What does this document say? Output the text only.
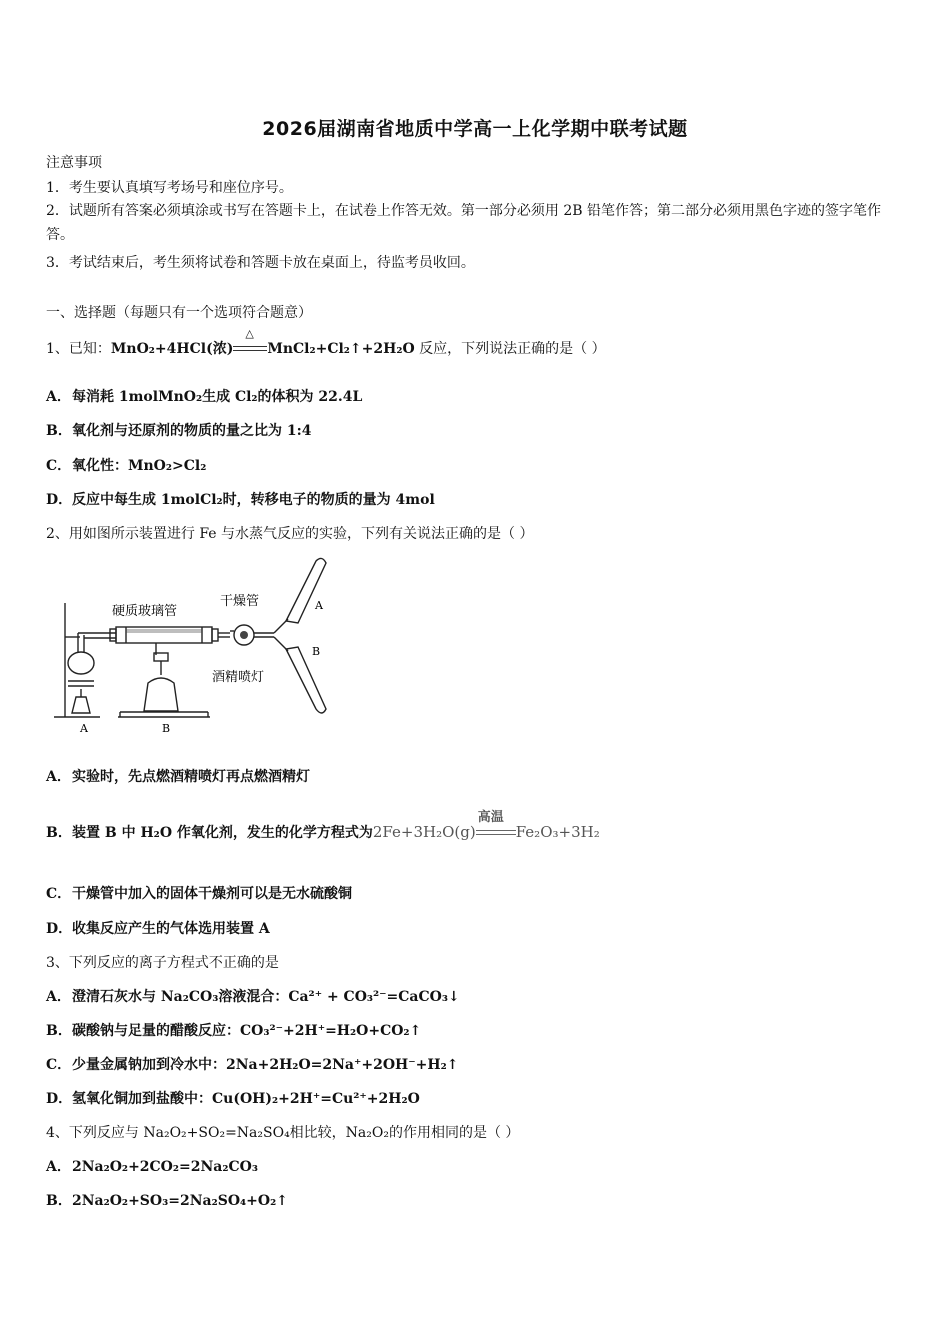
2026届湖南省地质中学高一上化学期中联考试题
注意事项
1．考生要认真填写考场号和座位序号。
2．试题所有答案必须填涂或书写在答题卡上，在试卷上作答无效。第一部分必须用 2B 铅笔作答；第二部分必须用黑色字迹的签字笔作答。
3．考试结束后，考生须将试卷和答题卡放在桌面上，待监考员收回。
一、选择题（每题只有一个选项符合题意）
1、已知：MnO₂+4HCl(浓)
△
MnCl₂+Cl₂↑+2H₂O 反应，下列说法正确的是（ ）
A．每消耗 1molMnO₂生成 Cl₂的体积为 22.4L
B．氧化剂与还原剂的物质的量之比为 1:4
C．氧化性：MnO₂>Cl₂
D．反应中每生成 1molCl₂时，转移电子的物质的量为 4mol
2、用如图所示装置进行 Fe 与水蒸气反应的实验，下列有关说法正确的是（ ）
硬质玻璃管
干燥管
酒精喷灯
A	B
A
B
A．实验时，先点燃酒精喷灯再点燃酒精灯
B．装置 B 中 H₂O 作氧化剂，发生的化学方程式为2Fe+3H₂O(g)
高温
Fe₂O₃+3H₂
C．干燥管中加入的固体干燥剂可以是无水硫酸铜
D．收集反应产生的气体选用装置 A
3、下列反应的离子方程式不正确的是
A．澄清石灰水与 Na₂CO₃溶液混合：Ca²⁺ + CO₃²⁻=CaCO₃↓
B．碳酸钠与足量的醋酸反应：CO₃²⁻+2H⁺=H₂O+CO₂↑
C．少量金属钠加到冷水中：2Na+2H₂O=2Na⁺+2OH⁻+H₂↑
D．氢氧化铜加到盐酸中：Cu(OH)₂+2H⁺=Cu²⁺+2H₂O
4、下列反应与 Na₂O₂+SO₂=Na₂SO₄相比较，Na₂O₂的作用相同的是（ ）
A．2Na₂O₂+2CO₂=2Na₂CO₃
B．2Na₂O₂+SO₃=2Na₂SO₄+O₂↑
